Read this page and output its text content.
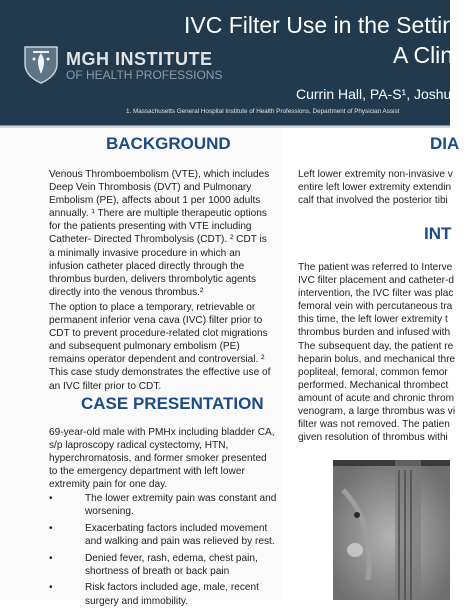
MGH INSTITUTE
OF HEALTH PROFESSIONS
IVC Filter Use in the Setting
A Clin
Currin Hall, PA-S¹, Joshu
1. Massachusetts General Hospital Institute of Health Professions, Department of Physician Assist
BACKGROUND

Venous Thromboembolism (VTE), which includes Deep Vein Thrombosis (DVT) and Pulmonary Embolism (PE), affects about 1 per 1000 adults annually. ¹ There are multiple therapeutic options for the patients presenting with VTE including Catheter- Directed Thrombolysis (CDT). ² CDT is a minimally invasive procedure in which an infusion catheter placed directly through the thrombus burden, delivers thrombolytic agents directly into the venous thrombus.²

The option to place a temporary, retrievable or permanent inferior vena cava (IVC) filter prior to CDT to prevent procedure-related clot migrations and subsequent pulmonary embolism (PE) remains operator dependent and controversial. ² This case study demonstrates the effective use of an IVC filter prior to CDT.

CASE PRESENTATION
69-year-old male with PMHx including bladder CA, s/p laproscopy radical cystectomy, HTN, hyperchromatosis, and former smoker presented to the emergency department with left lower extremity pain for one day.
• The lower extremity pain was constant and worsening.
• Exacerbating factors included movement and walking and pain was relieved by rest.
• Denied fever, rash, edema, chest pain, shortness of breath or back pain
• Risk factors included age, male, recent surgery and immobility.
DIA
Left lower extremity non-invasive v entire left lower extremity extendin calf that involved the posterior tibi
INT
The patient was referred to Interve IVC filter placement and catheter-d intervention, the IVC filter was plac femoral vein with percutaneous tra this time, the left lower extremity t thrombus burden and infused with The subsequent day, the patient re heparin bolus, and mechanical thre popliteal, femoral, common femor performed. Mechanical thrombect amount of acute and chronic throm venogram, a large thrombus was vi filter was not removed. The patien given resolution of thrombus withi
